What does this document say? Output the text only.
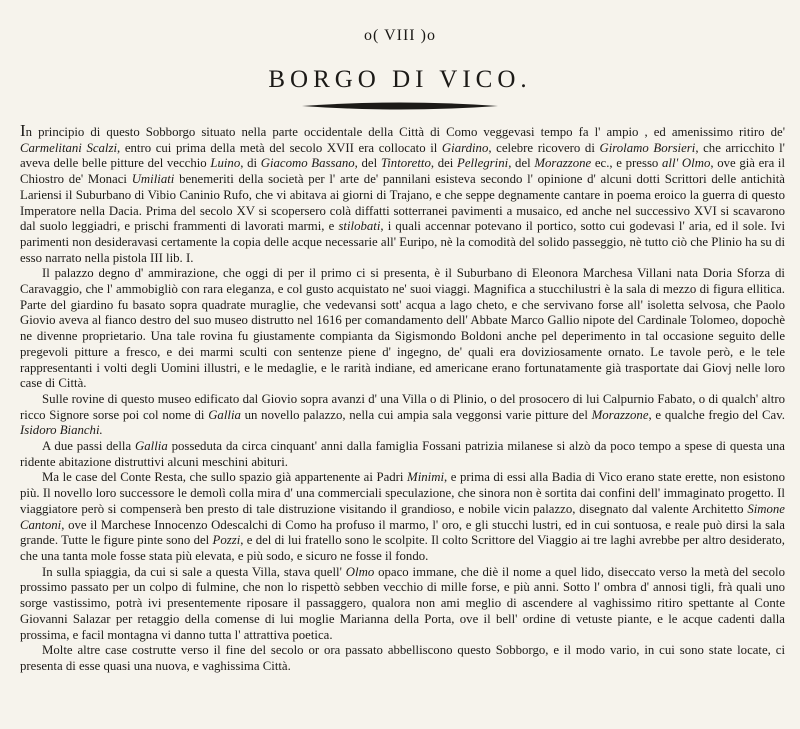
o( VIII )o
BORGO DI VICO.

In principio di questo Sobborgo situato nella parte occidentale della Città di Como veggevasi tempo fa l' ampio , ed amenissimo ritiro de' Carmelitani Scalzi, entro cui prima della metà del secolo XVII era collocato il Giardino, celebre ricovero di Girolamo Borsieri, che arricchito l' aveva delle belle pitture del vecchio Luino, di Giacomo Bassano, del Tintoretto, dei Pellegrini, del Morazzone ec., e presso all' Olmo, ove già era il Chiostro de' Monaci Umiliati benemeriti della società per l' arte de' pannilani esisteva secondo l' opinione d' alcuni dotti Scrittori delle antichità Lariensi il Suburbano di Vibio Caninio Rufo, che vi abitava ai giorni di Trajano, e che seppe degnamente cantare in poema eroico la guerra di questo Imperatore nella Dacia. Prima del secolo XV si scopersero colà diffatti sotterranei pavimenti a musaico, ed anche nel successivo XVI si scavarono dal suolo leggiadri, e prischi frammenti di lavorati marmi, e stilobati, i quali accennar potevano il portico, sotto cui godevasi l' aria, ed il sole. Ivi parimenti non desideravasi certamente la copia delle acque necessarie all' Euripo, nè la comodità del solido passeggio, nè tutto ciò che Plinio ha su di esso narrato nella pistola III lib. I.

Il palazzo degno d' ammirazione, che oggi di per il primo ci si presenta, è il Suburbano di Eleonora Marchesa Villani nata Doria Sforza di Caravaggio, che l' ammobigliò con rara eleganza, e col gusto acquistato ne' suoi viaggi. Magnifica a stucchilustri è la sala di mezzo di figura ellitica. Parte del giardino fu basato sopra quadrate muraglie, che vedevansi sott' acqua a lago cheto, e che servivano forse all' isoletta selvosa, che Paolo Giovio aveva al fianco destro del suo museo distrutto nel 1616 per comandamento dell' Abbate Marco Gallio nipote del Cardinale Tolomeo, dopochè ne divenne proprietario. Una tale rovina fu giustamente compianta da Sigismondo Boldoni anche pel deperimento in tal occasione seguito delle pregevoli pitture a fresco, e dei marmi sculti con sentenze piene d' ingegno, de' quali era doviziosamente ornato. Le tavole però, e le tele rappresentanti i volti degli Uomini illustri, e le medaglie, e le rarità indiane, ed americane erano fortunatamente già trasportate dai Giovj nelle loro case di Città.

Sulle rovine di questo museo edificato dal Giovio sopra avanzi d' una Villa o di Plinio, o del prosocero di lui Calpurnio Fabato, o di qualch' altro ricco Signore sorse poi col nome di Gallia un novello palazzo, nella cui ampia sala veggonsi varie pitture del Morazzone, e qualche fregio del Cav. Isidoro Bianchi.

A due passi della Gallia posseduta da circa cinquant' anni dalla famiglia Fossani patrizia milanese si alzò da poco tempo a spese di questa una ridente abitazione distruttivi alcuni meschini abituri.

Ma le case del Conte Resta, che sullo spazio già appartenente ai Padri Minimi, e prima di essi alla Badia di Vico erano state erette, non esistono più. Il novello loro successore le demolì colla mira d' una commerciali speculazione, che sinora non è sortita dai confini dell' immaginato progetto. Il viaggiatore però si compenserà ben presto di tale distruzione visitando il grandioso, e nobile vicin palazzo, disegnato dal valente Architetto Simone Cantoni, ove il Marchese Innocenzo Odescalchi di Como ha profuso il marmo, l' oro, e gli stucchi lustri, ed in cui sontuosa, e reale può dirsi la sala grande. Tutte le figure pinte sono del Pozzi, e del di lui fratello sono le scolpite. Il colto Scrittore del Viaggio ai tre laghi avrebbe per altro desiderato, che una tanta mole fosse stata più elevata, e più sodo, e sicuro ne fosse il fondo.

In sulla spiaggia, da cui si sale a questa Villa, stava quell' Olmo opaco immane, che diè il nome a quel lido, diseccato verso la metà del secolo prossimo passato per un colpo di fulmine, che non lo rispettò sebben vecchio di mille forse, e più anni. Sotto l' ombra d' annosi tigli, frà quali uno sorge vastissimo, potrà ivi presentemente riposare il passaggero, qualora non ami meglio di ascendere al vaghissimo ritiro spettante al Conte Giovanni Salazar per retaggio della comense di lui moglie Marianna della Porta, ove il bell' ordine di vetuste piante, e le acque cadenti dalla prossima, e facil montagna vi danno tutta l' attrattiva poetica.

Molte altre case costrutte verso il fine del secolo or ora passato abbelliscono questo Sobborgo, e il modo vario, in cui sono state locate, ci presenta di esse quasi una nuova, e vaghissima Città.
